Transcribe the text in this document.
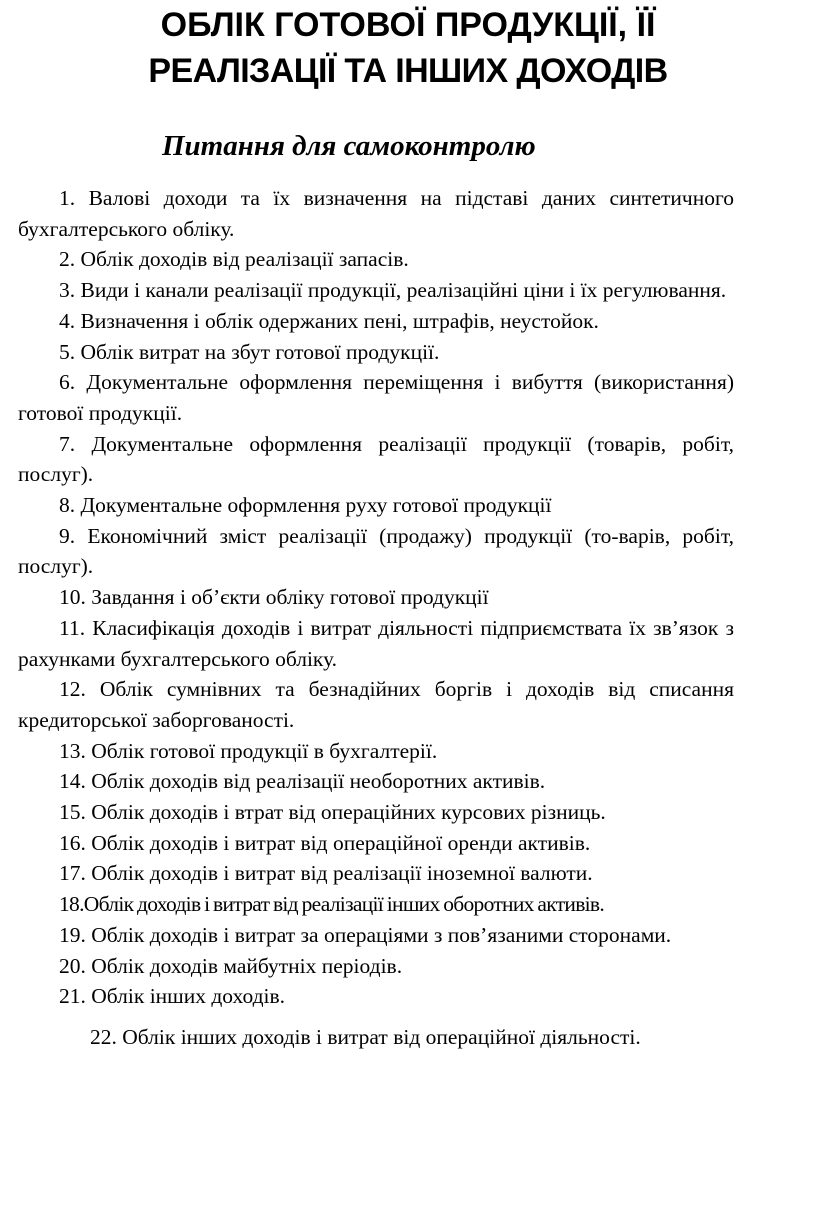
ОБЛІК ГОТОВОЇ ПРОДУКЦІЇ, ЇЇ
РЕАЛІЗАЦІЇ ТА ІНШИХ ДОХОДІВ
Питання для самоконтролю
1. Валові доходи та їх визначення на підставі даних синтетичного бухгалтерського обліку.
2. Облік доходів від реалізації запасів.
3. Види і канали реалізації продукції, реалізаційні ціни і їх регулювання.
4. Визначення і облік одержаних пені, штрафів, неустойок.
5. Облік витрат на збут готової продукції.
6. Документальне оформлення переміщення і вибуття (використання) готової продукції.
7. Документальне оформлення реалізації продукції (товарів, робіт, послуг).
8. Документальне оформлення руху готової продукції
9. Економічний зміст реалізації (продажу) продукції (то-варів, робіт, послуг).
10. Завдання і об’єкти обліку готової продукції
11. Класифікація доходів і витрат діяльності підприємстватa їх зв’язок з рахунками бухгалтерського обліку.
12. Облік сумнівних та безнадійних боргів і доходів від списання кредиторської заборгованості.
13. Облік готової продукції в бухгалтерії.
14. Облік доходів від реалізації необоротних активів.
15. Облік доходів і втрат від операційних курсових різниць.
16. Облік доходів і витрат від операційної оренди активів.
17. Облік доходів і витрат від реалізації іноземної валюти.
18.Облік доходів і витрат від реалізації інших оборотних активів.
19. Облік доходів і витрат за операціями з пов’язаними сторонами.
20. Облік доходів майбутніх періодів.
21. Облік інших доходів.
22. Облік інших доходів і витрат від операційної діяльності.
